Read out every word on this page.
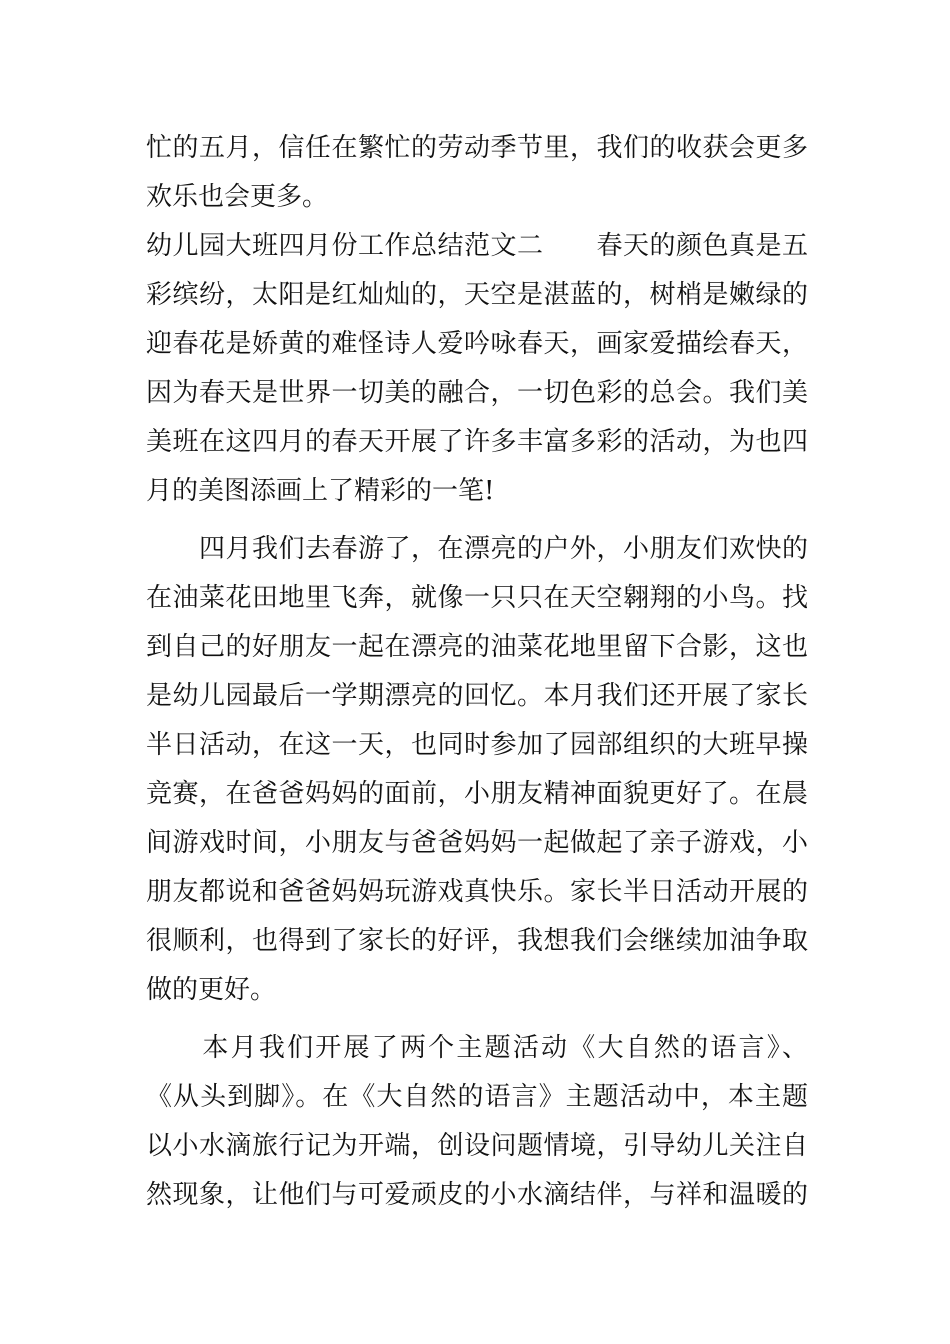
忙的五月，信任在繁忙的劳动季节里，我们的收获会更多
欢乐也会更多。
幼儿园大班四月份工作总结范文二　　春天的颜色真是五
彩缤纷，太阳是红灿灿的，天空是湛蓝的，树梢是嫩绿的
迎春花是娇黄的难怪诗人爱吟咏春天，画家爱描绘春天，
因为春天是世界一切美的融合，一切色彩的总会。我们美
美班在这四月的春天开展了许多丰富多彩的活动，为也四
月的美图添画上了精彩的一笔!
　　四月我们去春游了，在漂亮的户外，小朋友们欢快的
在油菜花田地里飞奔，就像一只只在天空翱翔的小鸟。找
到自己的好朋友一起在漂亮的油菜花地里留下合影，这也
是幼儿园最后一学期漂亮的回忆。本月我们还开展了家长
半日活动，在这一天，也同时参加了园部组织的大班早操
竞赛，在爸爸妈妈的面前，小朋友精神面貌更好了。在晨
间游戏时间，小朋友与爸爸妈妈一起做起了亲子游戏，小
朋友都说和爸爸妈妈玩游戏真快乐。家长半日活动开展的
很顺利，也得到了家长的好评，我想我们会继续加油争取
做的更好。
　　本月我们开展了两个主题活动《大自然的语言》、
《从头到脚》。在《大自然的语言》主题活动中，本主题
以小水滴旅行记为开端，创设问题情境，引导幼儿关注自
然现象，让他们与可爱顽皮的小水滴结伴，与祥和温暖的
